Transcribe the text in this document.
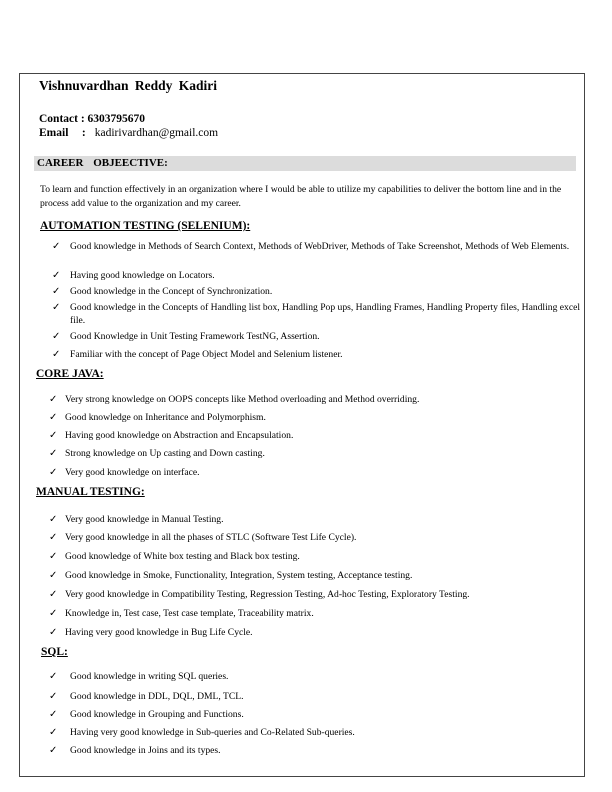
Vishnuvardhan Reddy Kadiri
Contact : 6303795670
Email : kadirivardhan@gmail.com
CAREER OBJEECTIVE:
To learn and function effectively in an organization where I would be able to utilize my capabilities to deliver the bottom line and in the process add value to the organization and my career.
AUTOMATION TESTING (SELENIUM):
✓ Good knowledge in Methods of Search Context, Methods of WebDriver, Methods of Take Screenshot, Methods of Web Elements.
✓ Having good knowledge on Locators.
✓ Good knowledge in the Concept of Synchronization.
✓ Good knowledge in the Concepts of Handling list box, Handling Pop ups, Handling Frames, Handling Property files, Handling excel file.
✓ Good Knowledge in Unit Testing Framework TestNG, Assertion.
✓ Familiar with the concept of Page Object Model and Selenium listener.
CORE JAVA:
✓ Very strong knowledge on OOPS concepts like Method overloading and Method overriding.
✓ Good knowledge on Inheritance and Polymorphism.
✓ Having good knowledge on Abstraction and Encapsulation.
✓ Strong knowledge on Up casting and Down casting.
✓ Very good knowledge on interface.
MANUAL TESTING:
✓ Very good knowledge in Manual Testing.
✓ Very good knowledge in all the phases of STLC (Software Test Life Cycle).
✓ Good knowledge of White box testing and Black box testing.
✓ Good knowledge in Smoke, Functionality, Integration, System testing, Acceptance testing.
✓ Very good knowledge in Compatibility Testing, Regression Testing, Ad-hoc Testing, Exploratory Testing.
✓ Knowledge in, Test case, Test case template, Traceability matrix.
✓ Having very good knowledge in Bug Life Cycle.
SQL:
✓ Good knowledge in writing SQL queries.
✓ Good knowledge in DDL, DQL, DML, TCL.
✓ Good knowledge in Grouping and Functions.
✓ Having very good knowledge in Sub-queries and Co-Related Sub-queries.
✓ Good knowledge in Joins and its types.
